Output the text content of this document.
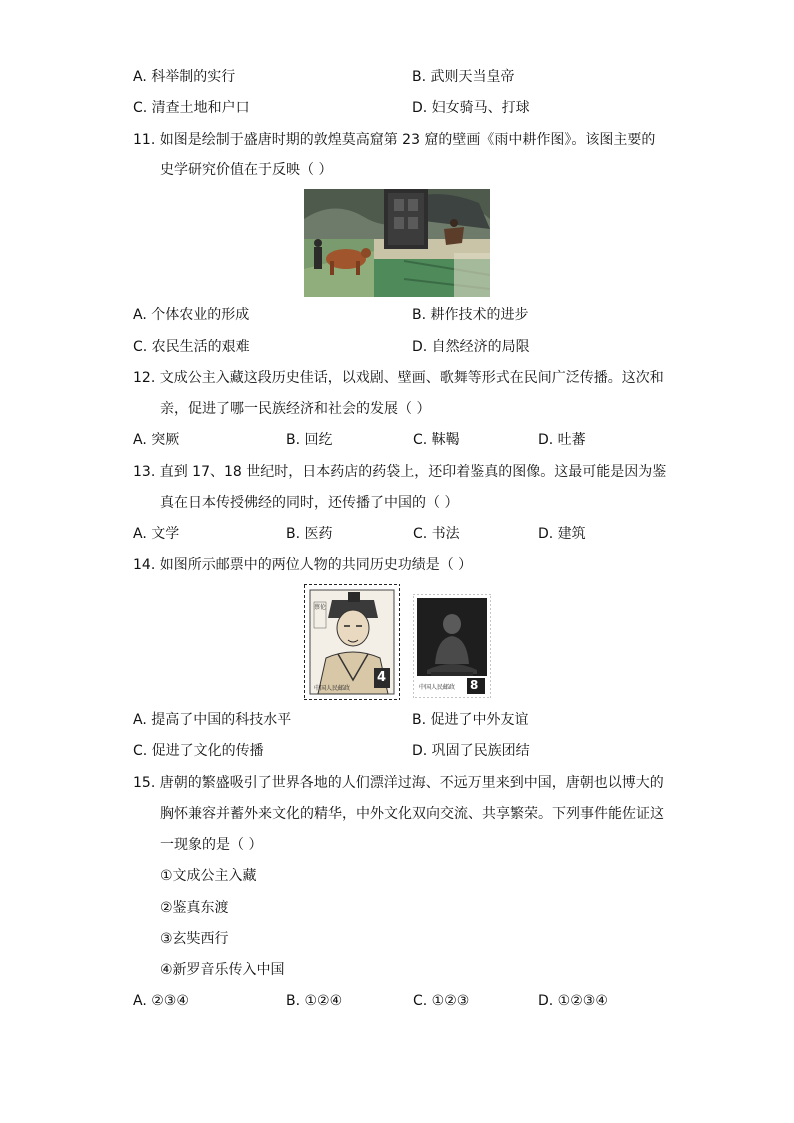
A. 科举制的实行	B. 武则天当皇帝
C. 清查土地和户口	D. 妇女骑马、打球
11. 如图是绘制于盛唐时期的敦煌莫高窟第 23 窟的壁画《雨中耕作图》。该图主要的
史学研究价值在于反映（ ）
A. 个体农业的形成	B. 耕作技术的进步
C. 农民生活的艰难	D. 自然经济的局限
12. 文成公主入藏这段历史佳话，以戏剧、壁画、歌舞等形式在民间广泛传播。这次和
亲，促进了哪一民族经济和社会的发展（ ）
A. 突厥	B. 回纥	C. 靺鞨	D. 吐蕃
13. 直到 17、18 世纪时，日本药店的药袋上，还印着鉴真的图像。这最可能是因为鉴
真在日本传授佛经的同时，还传播了中国的（ ）
A. 文学	B. 医药	C. 书法	D. 建筑
14. 如图所示邮票中的两位人物的共同历史功绩是（ ）
蔡伦
中国人民邮政
4
中国人民邮政 8
A. 提高了中国的科技水平	B. 促进了中外友谊
C. 促进了文化的传播	D. 巩固了民族团结
15. 唐朝的繁盛吸引了世界各地的人们漂洋过海、不远万里来到中国，唐朝也以博大的
胸怀兼容并蓄外来文化的精华，中外文化双向交流、共享繁荣。下列事件能佐证这
一现象的是（ ）
①文成公主入藏
②鉴真东渡
③玄奘西行
④新罗音乐传入中国
A. ②③④	B. ①②④	C. ①②③	D. ①②③④
